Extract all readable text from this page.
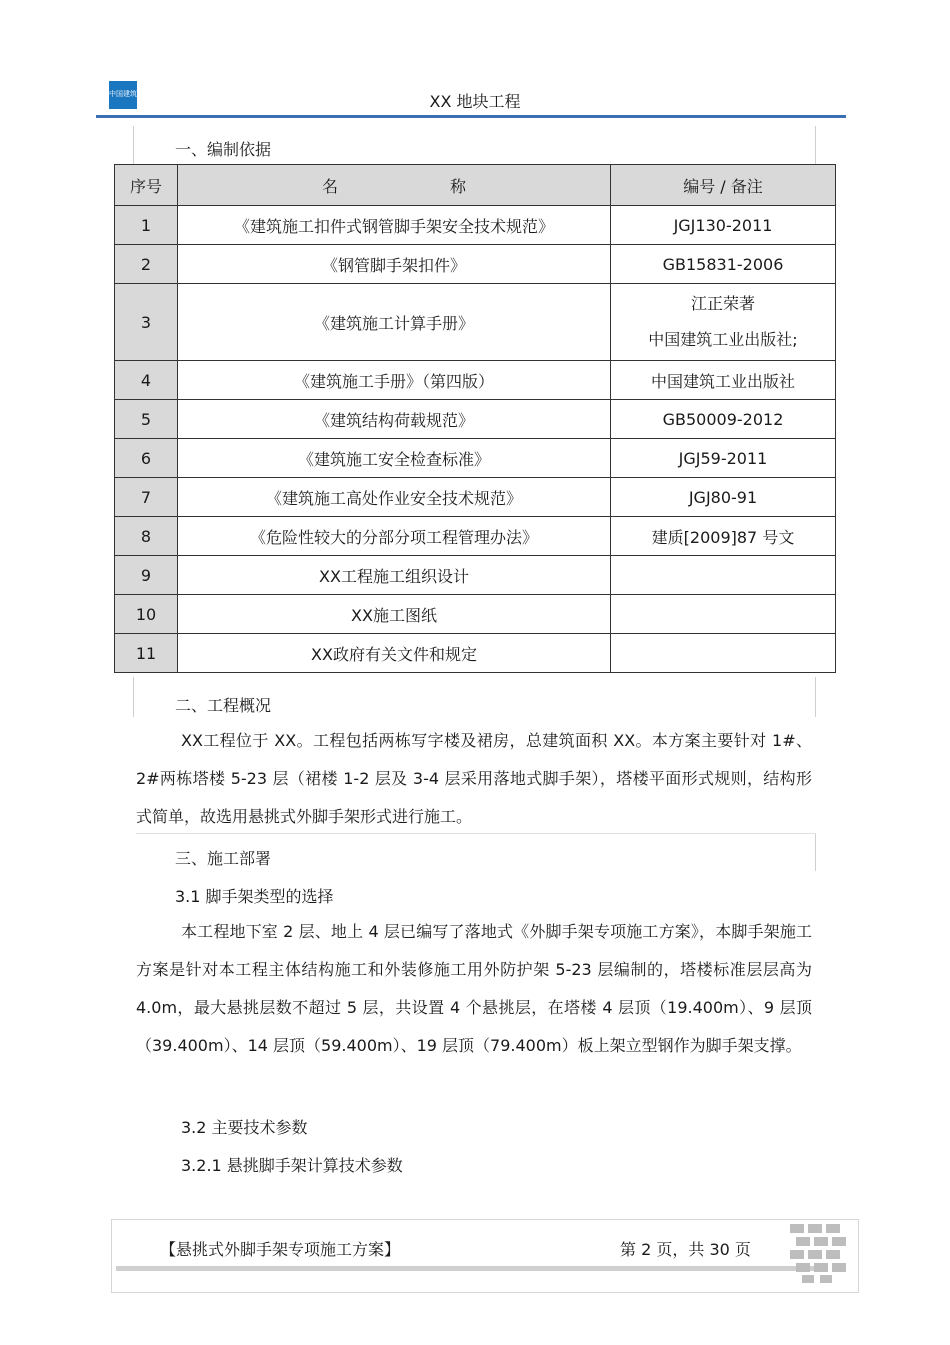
中国建筑	XX 地块工程
一、编制依据
序号	名　　　　　　　称	编号 / 备注
1	《建筑施工扣件式钢管脚手架安全技术规范》	JGJ130-2011
2	《钢管脚手架扣件》	GB15831-2006
3	《建筑施工计算手册》	江正荣著
中国建筑工业出版社;

4	《建筑施工手册》（第四版）	中国建筑工业出版社
5	《建筑结构荷载规范》	GB50009-2012
6	《建筑施工安全检查标准》	JGJ59-2011
7	《建筑施工高处作业安全技术规范》	JGJ80-91
8	《危险性较大的分部分项工程管理办法》	建质[2009]87 号文
9	XX工程施工组织设计	
10	XX施工图纸	
11	XX政府有关文件和规定	
二、工程概况

XX工程位于 XX。工程包括两栋写字楼及裙房，总建筑面积 XX。本方案主要针对 1#、2#两栋塔楼 5-23 层（裙楼 1-2 层及 3-4 层采用落地式脚手架），塔楼平面形式规则，结构形式简单，故选用悬挑式外脚手架形式进行施工。

三、施工部署
3.1 脚手架类型的选择

本工程地下室 2 层、地上 4 层已编写了落地式《外脚手架专项施工方案》，本脚手架施工方案是针对本工程主体结构施工和外装修施工用外防护架 5-23 层编制的，塔楼标准层层高为 4.0m，最大悬挑层数不超过 5 层，共设置 4 个悬挑层，在塔楼 4 层顶（19.400m）、9 层顶（39.400m）、14 层顶（59.400m）、19 层顶（79.400m）板上架立型钢作为脚手架支撑。

3.2 主要技术参数
3.2.1 悬挑脚手架计算技术参数
【悬挑式外脚手架专项施工方案】	第 2 页，共 30 页
